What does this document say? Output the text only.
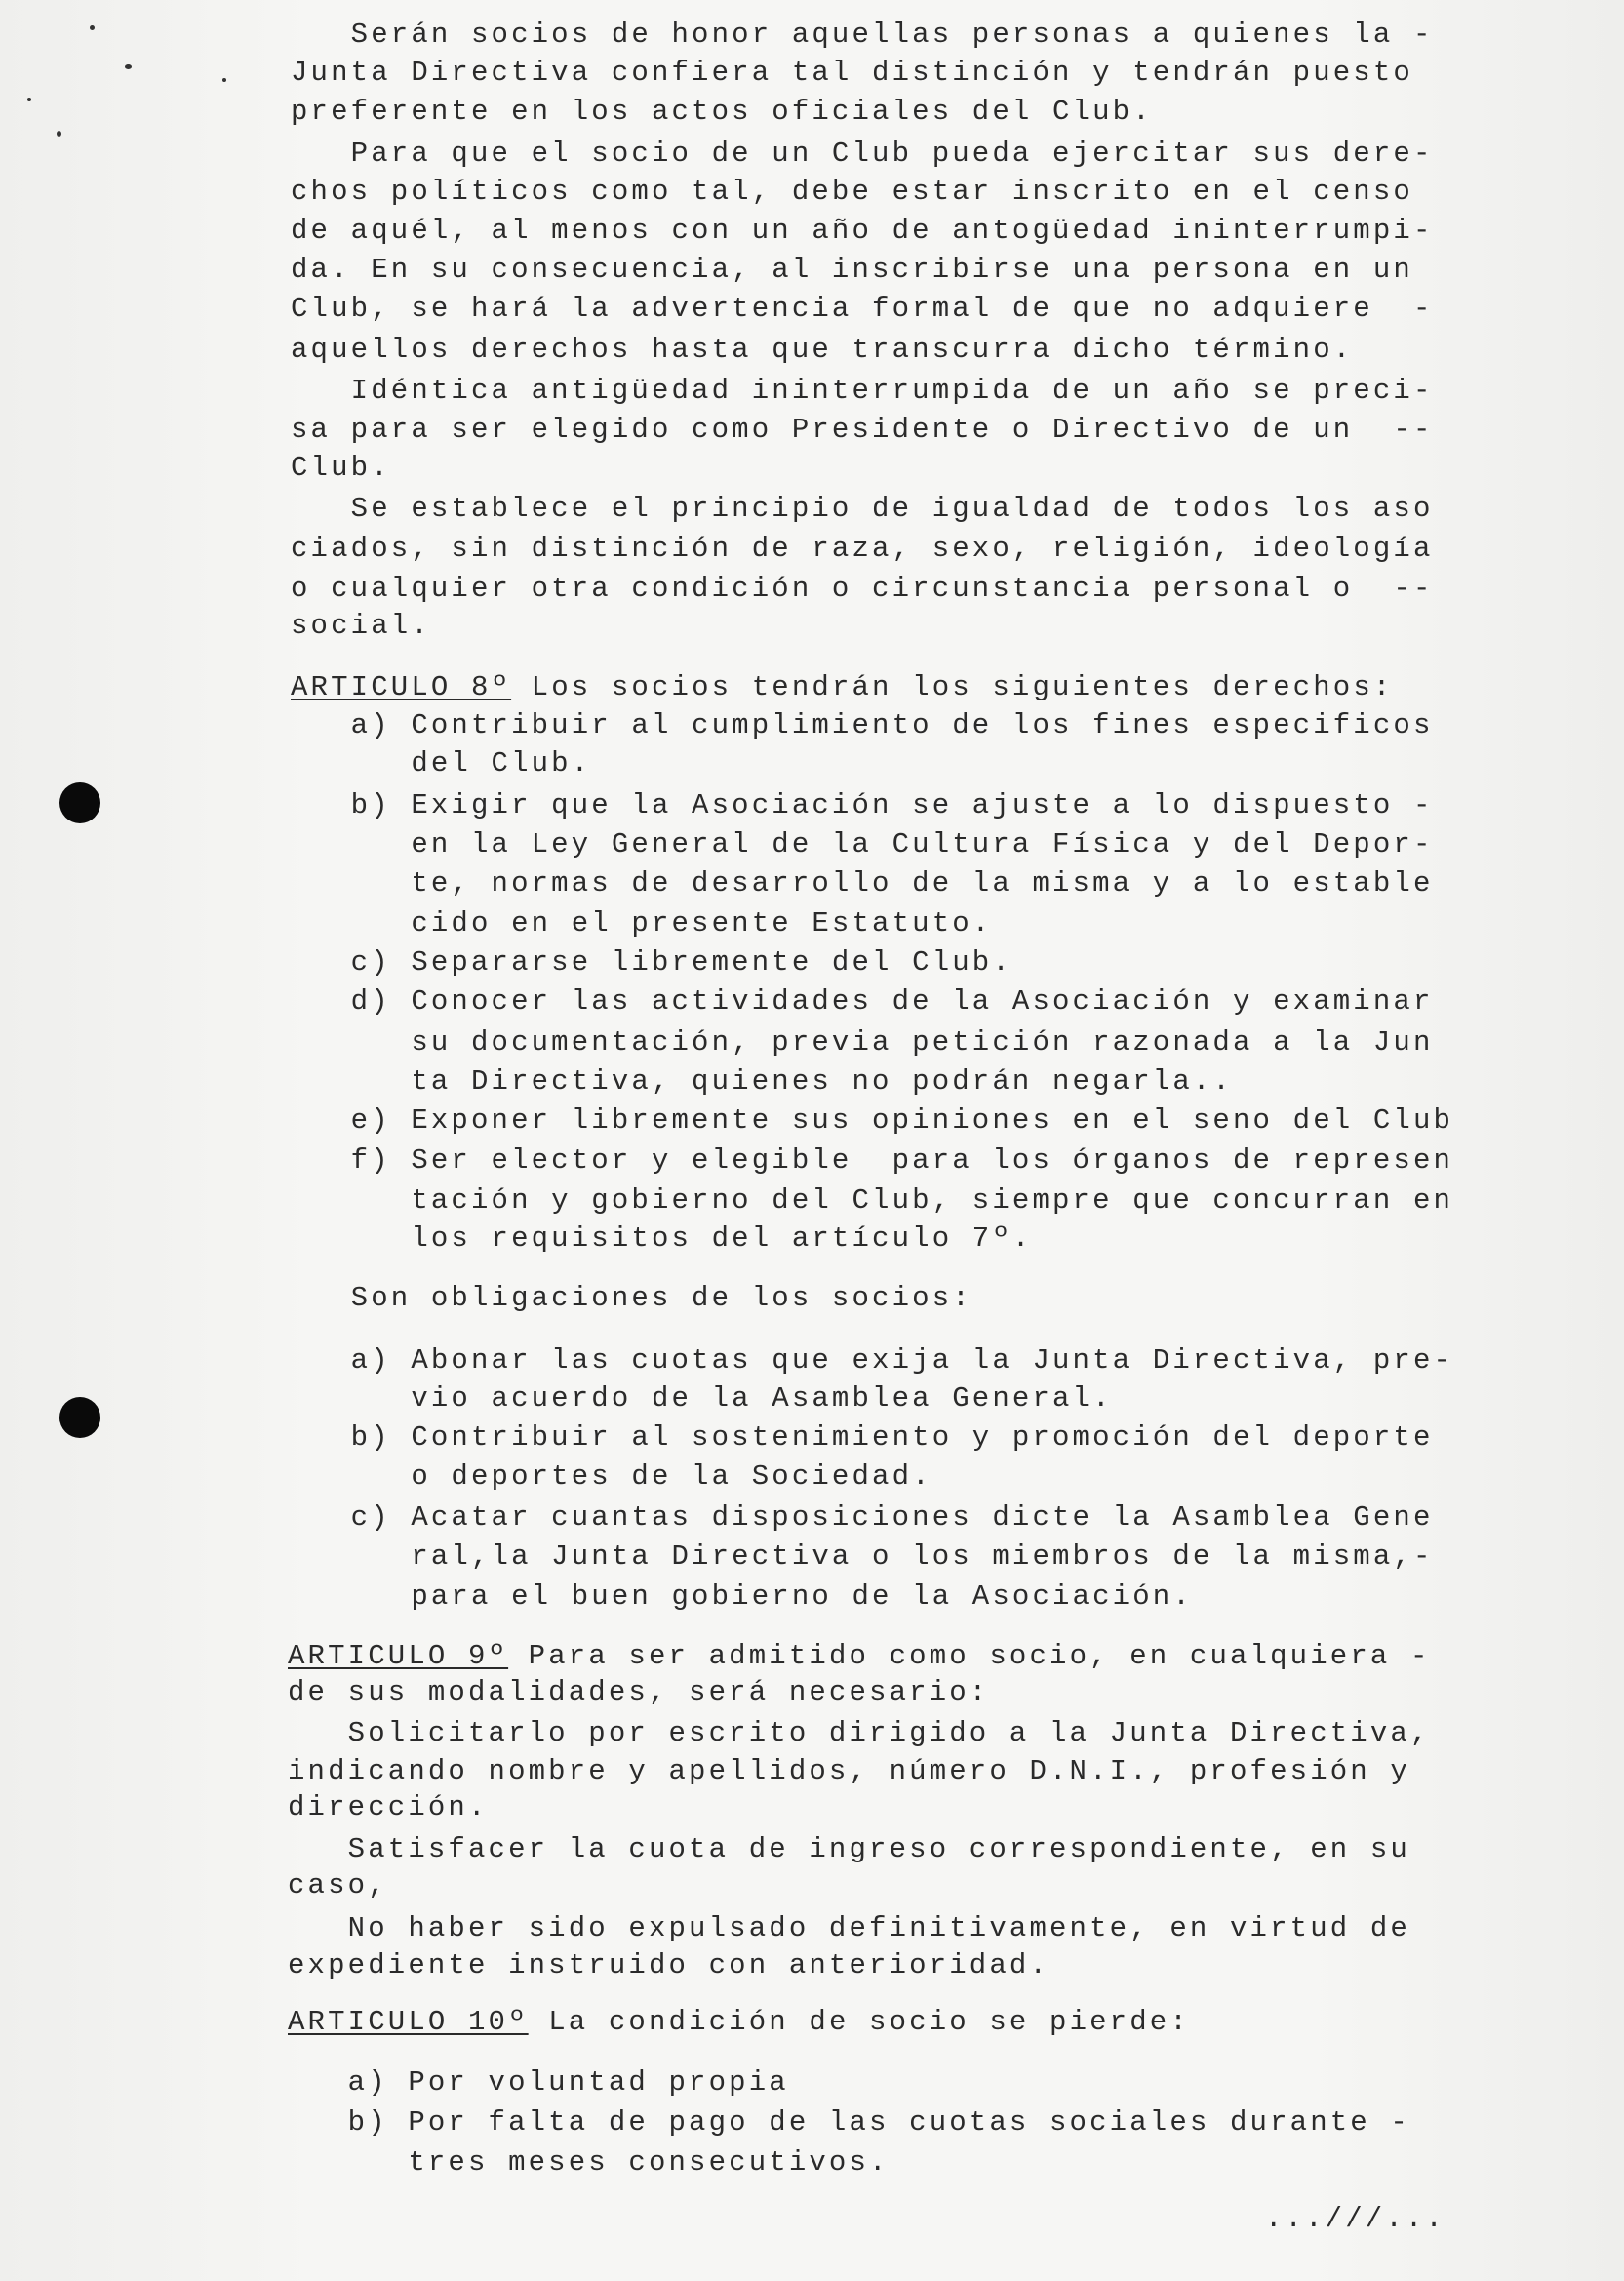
Serán socios de honor aquellas personas a quienes la -
Junta Directiva confiera tal distinción y tendrán puesto
preferente en los actos oficiales del Club.
Para que el socio de un Club pueda ejercitar sus dere-
chos políticos como tal, debe estar inscrito en el censo
de aquél, al menos con un año de antogüedad ininterrumpi-
da. En su consecuencia, al inscribirse una persona en un
Club, se hará la advertencia formal de que no adquiere  -
aquellos derechos hasta que transcurra dicho término.
Idéntica antigüedad ininterrumpida de un año se preci-
sa para ser elegido como Presidente o Directivo de un  --
Club.
Se establece el principio de igualdad de todos los aso
ciados, sin distinción de raza, sexo, religión, ideología
o cualquier otra condición o circunstancia personal o  --
social.
ARTICULO 8º Los socios tendrán los siguientes derechos:
a) Contribuir al cumplimiento de los fines especificos
del Club.
b) Exigir que la Asociación se ajuste a lo dispuesto -
en la Ley General de la Cultura Física y del Depor-
te, normas de desarrollo de la misma y a lo estable
cido en el presente Estatuto.
c) Separarse libremente del Club.
d) Conocer las actividades de la Asociación y examinar
su documentación, previa petición razonada a la Jun
ta Directiva, quienes no podrán negarla..
e) Exponer libremente sus opiniones en el seno del Club
f) Ser elector y elegible  para los órganos de represen
tación y gobierno del Club, siempre que concurran en
los requisitos del artículo 7º.
Son obligaciones de los socios:
a) Abonar las cuotas que exija la Junta Directiva, pre-
vio acuerdo de la Asamblea General.
b) Contribuir al sostenimiento y promoción del deporte
o deportes de la Sociedad.
c) Acatar cuantas disposiciones dicte la Asamblea Gene
ral,la Junta Directiva o los miembros de la misma,-
para el buen gobierno de la Asociación.
ARTICULO 9º Para ser admitido como socio, en cualquiera -
de sus modalidades, será necesario:
Solicitarlo por escrito dirigido a la Junta Directiva,
indicando nombre y apellidos, número D.N.I., profesión y
dirección.
Satisfacer la cuota de ingreso correspondiente, en su
caso,
No haber sido expulsado definitivamente, en virtud de
expediente instruido con anterioridad.
ARTICULO 10º La condición de socio se pierde:
a) Por voluntad propia
b) Por falta de pago de las cuotas sociales durante -
tres meses consecutivos.
...///...
